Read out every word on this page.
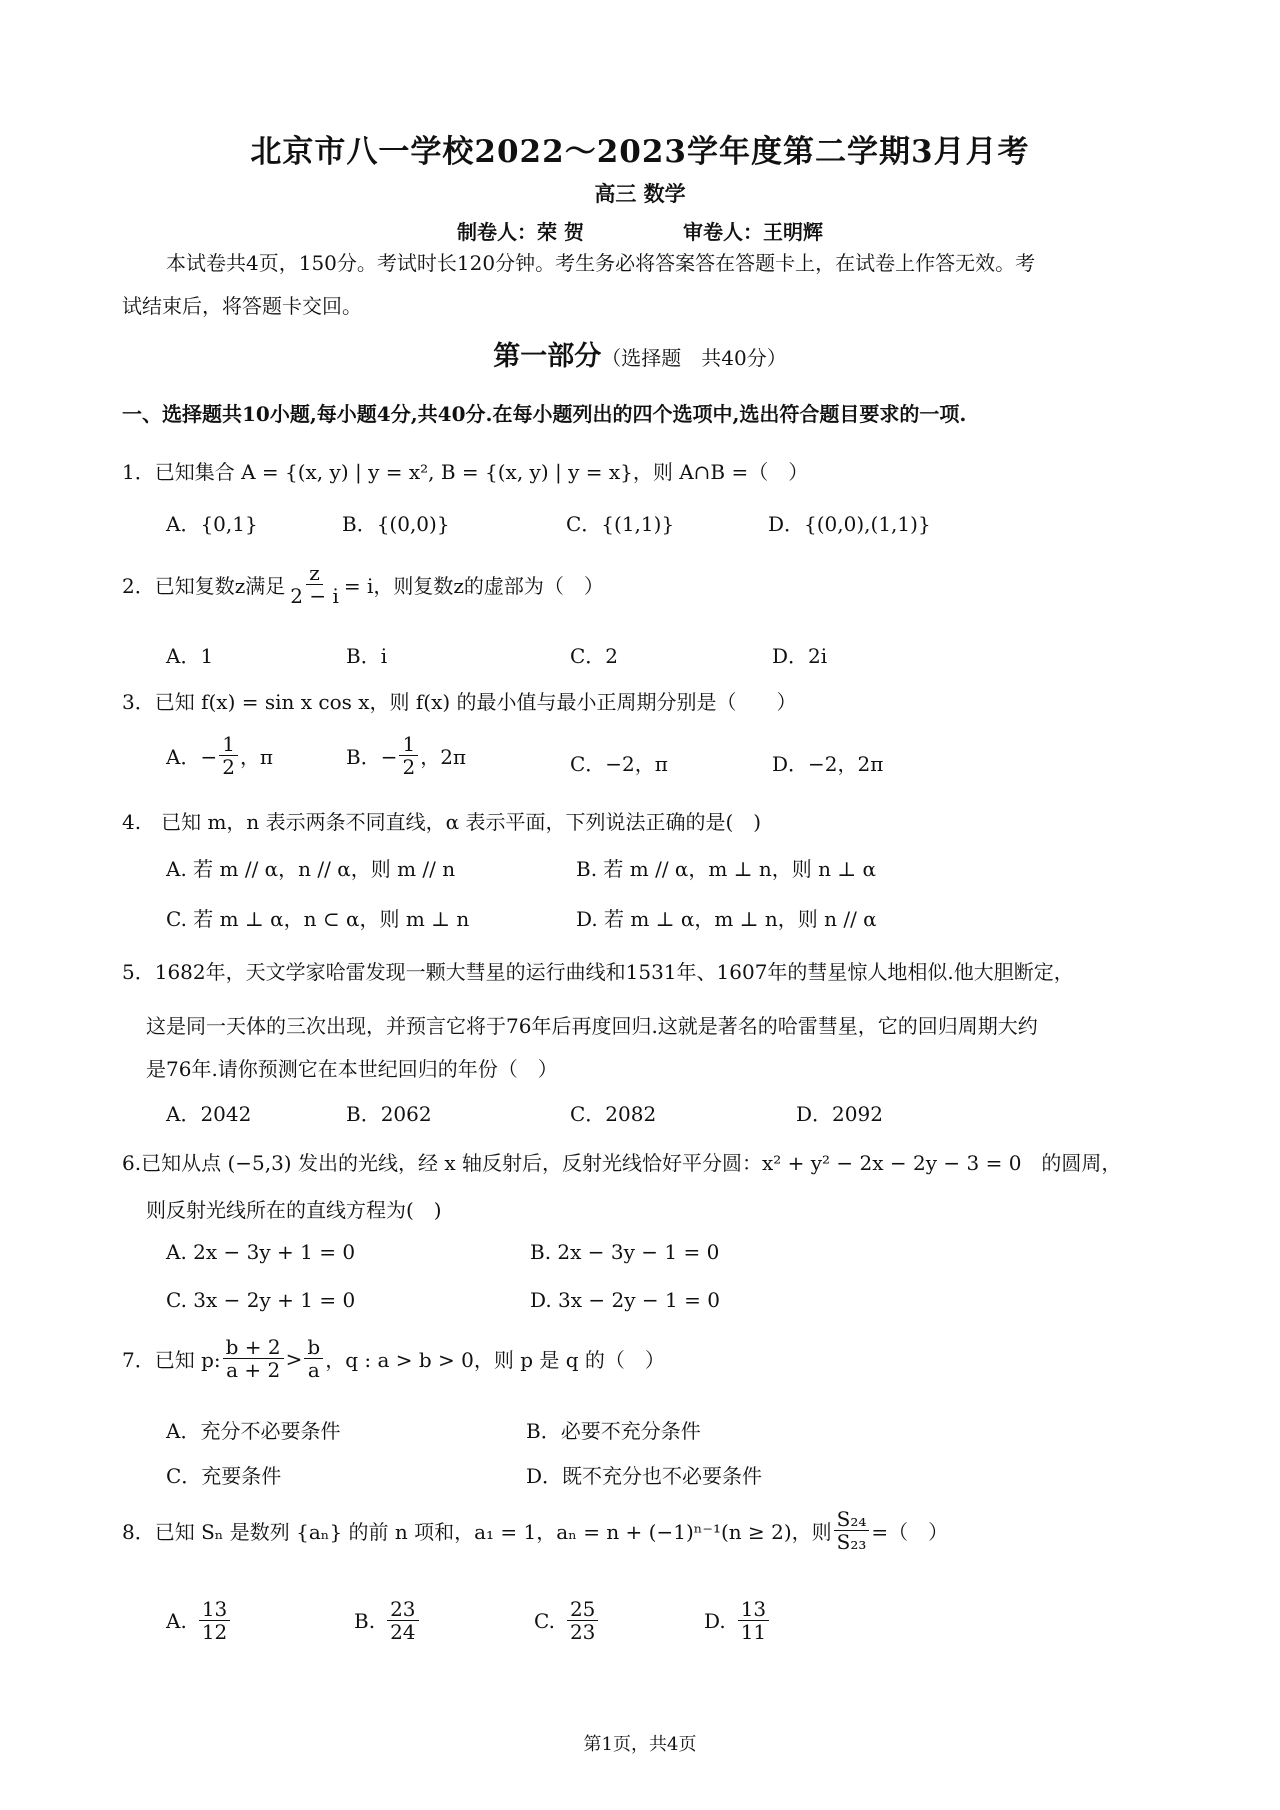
北京市八一学校2022～2023学年度第二学期3月月考
高三 数学
制卷人：荣 贺	审卷人：王明辉
本试卷共4页，150分。考试时长120分钟。考生务必将答案答在答题卡上，在试卷上作答无效。考
试结束后，将答题卡交回。
第一部分（选择题　共40分）
一、选择题共10小题,每小题4分,共40分.在每小题列出的四个选项中,选出符合题目要求的一项.
1．已知集合 A = {(x, y) | y = x², B = {(x, y) | y = x}，则 A∩B =（　）
A．{0,1}	B．{(0,0)}	C．{(1,1)}	D．{(0,0),(1,1)}
2．已知复数z满足 $\frac{z}{2 - i} = i$，则复数z的虚部为（　）
A．1	B．i	C．2	D．2i
3．已知 f(x) = sin x cos x，则 f(x) 的最小值与最小正周期分别是（　　）
A．− $\frac{1}{2}$ ，π	B．− $\frac{1}{2}$ ，2π	C．−2，π	D．−2，2π
4.　已知 m，n 表示两条不同直线，α 表示平面，下列说法正确的是(　)
A. 若 m // α，n // α，则 m // n	B. 若 m // α，m ⊥ n，则 n ⊥ α
C. 若 m ⊥ α，n ⊂ α，则 m ⊥ n	D. 若 m ⊥ α，m ⊥ n，则 n // α
5．1682年，天文学家哈雷发现一颗大彗星的运行曲线和1531年、1607年的彗星惊人地相似.他大胆断定，
这是同一天体的三次出现，并预言它将于76年后再度回归.这就是著名的哈雷彗星，它的回归周期大约
是76年.请你预测它在本世纪回归的年份（　）
A．2042	B．2062	C．2082	D．2092
6.已知从点 (−5,3) 发出的光线，经 x 轴反射后，反射光线恰好平分圆：x² + y² − 2x − 2y − 3 = 0　的圆周，
则反射光线所在的直线方程为(　)
A. 2x − 3y + 1 = 0	B. 2x − 3y − 1 = 0
C. 3x − 2y + 1 = 0	D. 3x − 2y − 1 = 0
7．已知 p: $\frac{b + 2}{a + 2} > \frac{b}{a}$ ，q : a > b > 0，则 p 是 q 的（　）
A．充分不必要条件	B．必要不充分条件
C．充要条件	D．既不充分也不必要条件
8．已知 Sₙ 是数列 {aₙ} 的前 n 项和，a₁ = 1，aₙ = n + (−1)ⁿ⁻¹(n ≥ 2)，则 $\frac{\text{S₂₄}}{\text{S₂₃}}$ =（　）
A. $\frac{13}{12}$	B. $\frac{23}{24}$	C. $\frac{25}{23}$	D. $\frac{13}{11}$
第1页，共4页
